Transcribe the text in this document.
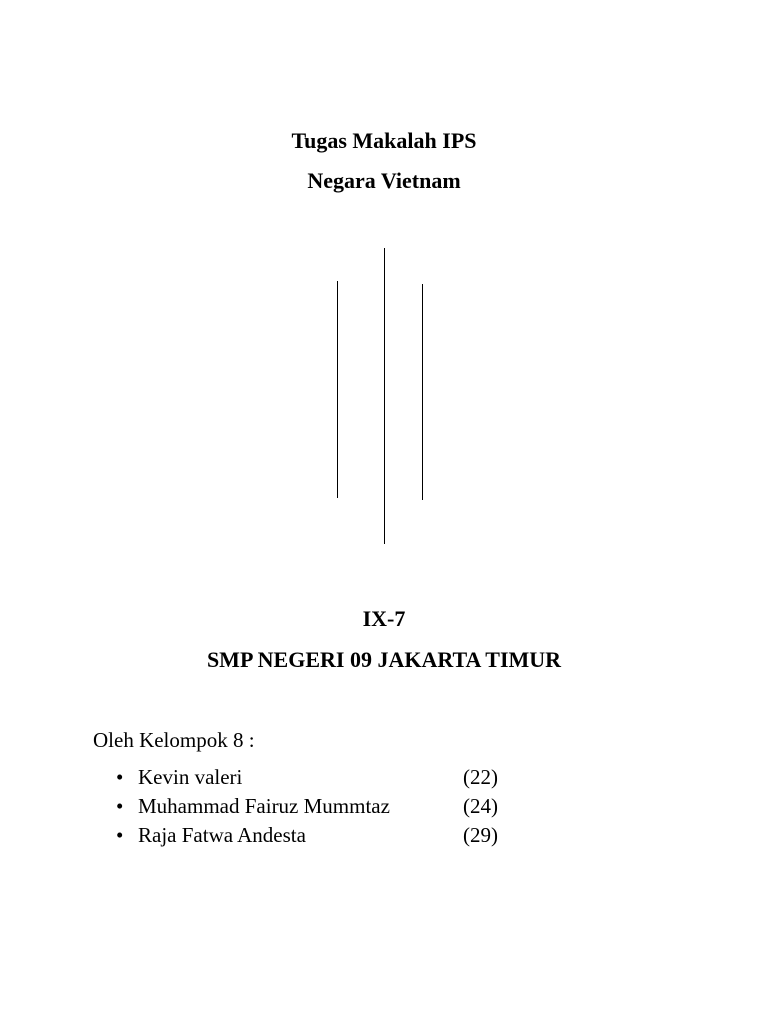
Tugas Makalah IPS
Negara Vietnam
IX-7
SMP NEGERI 09 JAKARTA TIMUR

Oleh Kelompok 8 :

• Kevin valeri	(22)
• Muhammad Fairuz Mummtaz	(24)
• Raja Fatwa Andesta	(29)
